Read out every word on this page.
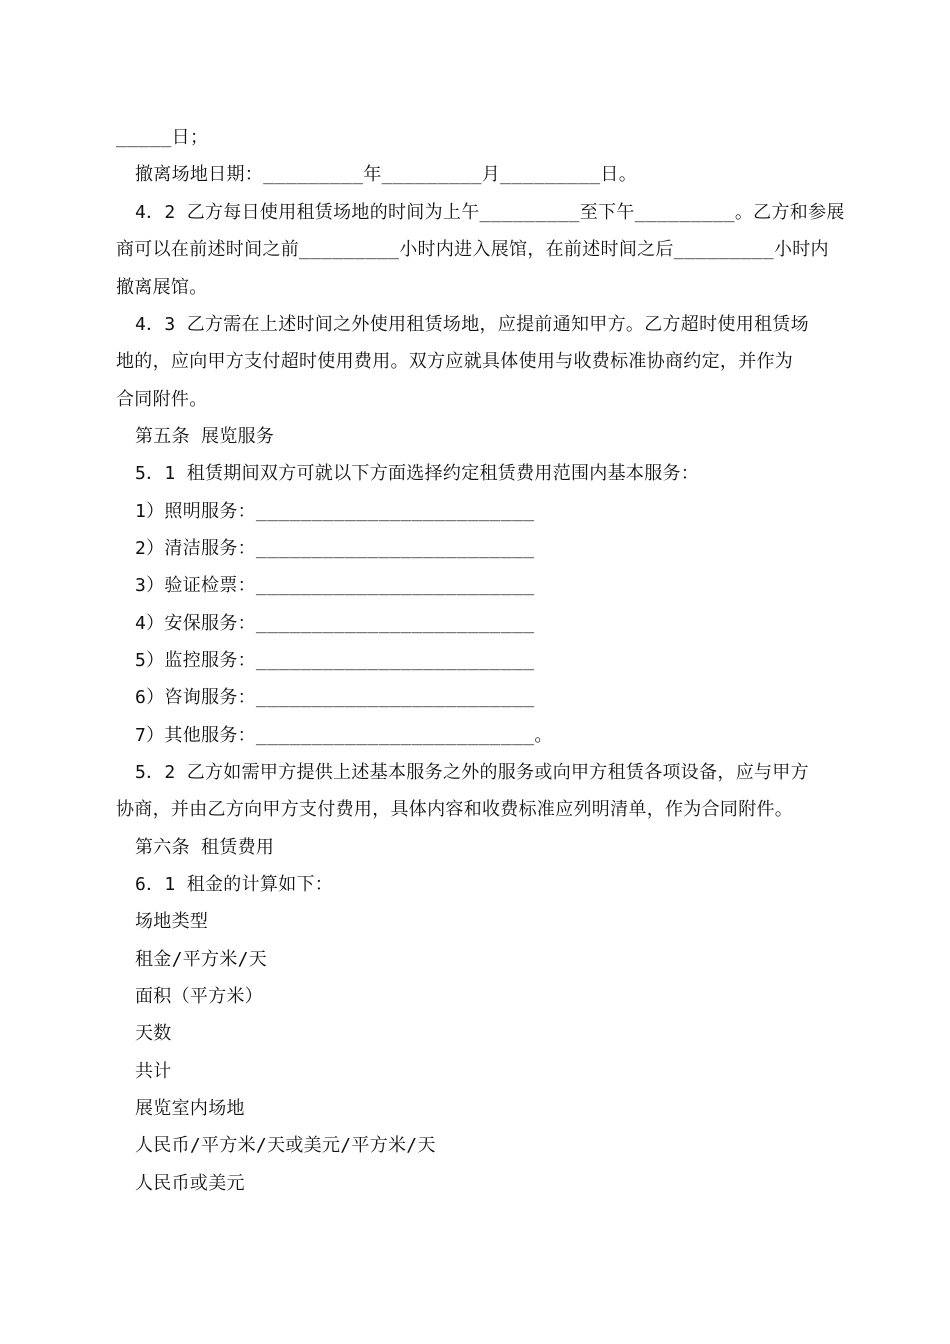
_____日；
撤离场地日期：_________年_________月_________日。
4．2 乙方每日使用租赁场地的时间为上午_________至下午_________。乙方和参展
商可以在前述时间之前_________小时内进入展馆，在前述时间之后_________小时内
撤离展馆。
4．3 乙方需在上述时间之外使用租赁场地，应提前通知甲方。乙方超时使用租赁场
地的，应向甲方支付超时使用费用。双方应就具体使用与收费标准协商约定，并作为
合同附件。
第五条 展览服务
5．1 租赁期间双方可就以下方面选择约定租赁费用范围内基本服务：
1）照明服务：_________________________
2）清洁服务：_________________________
3）验证检票：_________________________
4）安保服务：_________________________
5）监控服务：_________________________
6）咨询服务：_________________________
7）其他服务：_________________________。
5．2 乙方如需甲方提供上述基本服务之外的服务或向甲方租赁各项设备，应与甲方
协商，并由乙方向甲方支付费用，具体内容和收费标准应列明清单，作为合同附件。
第六条 租赁费用
6．1 租金的计算如下：
场地类型
租金/平方米/天
面积（平方米）
天数
共计
展览室内场地
人民币/平方米/天或美元/平方米/天
人民币或美元
